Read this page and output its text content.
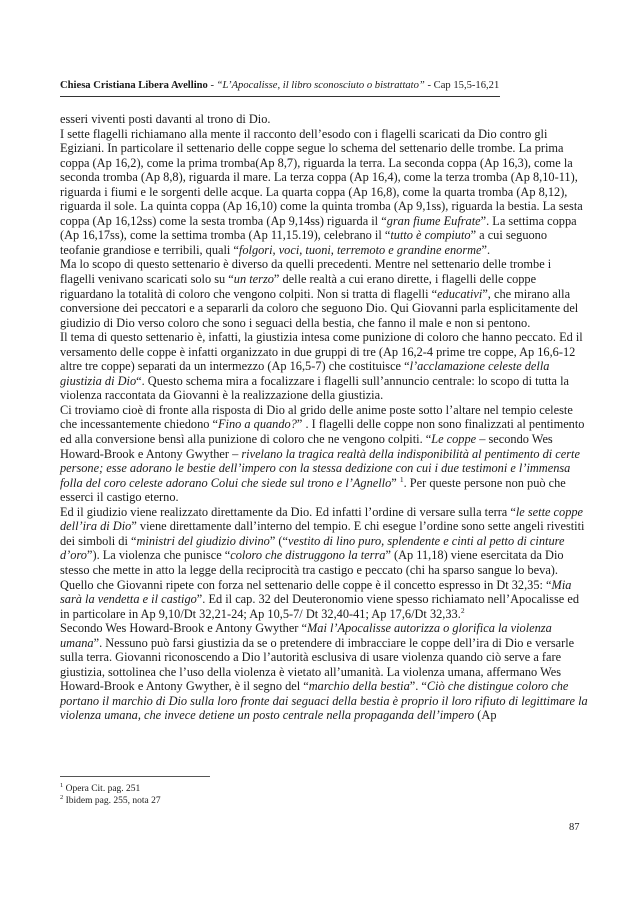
Chiesa Cristiana Libera Avellino - “L’Apocalisse, il libro sconosciuto o bistrattato” - Cap 15,5-16,21

esseri viventi posti davanti al trono di Dio.

I sette flagelli richiamano alla mente il racconto dell’esodo con i flagelli scaricati da Dio contro gli Egiziani. In particolare il settenario delle coppe segue lo schema del settenario delle trombe. La prima coppa (Ap 16,2), come la prima tromba(Ap 8,7), riguarda la terra. La seconda coppa (Ap 16,3), come la seconda tromba (Ap 8,8), riguarda il mare. La terza coppa (Ap 16,4), come la terza tromba (Ap 8,10-11), riguarda i fiumi e le sorgenti delle acque. La quarta coppa (Ap 16,8), come la quarta tromba (Ap 8,12), riguarda il sole. La quinta coppa (Ap 16,10) come la quinta tromba (Ap 9,1ss), riguarda la bestia. La sesta coppa (Ap 16,12ss) come la sesta tromba (Ap 9,14ss) riguarda il “gran fiume Eufrate”. La settima coppa (Ap 16,17ss), come la settima tromba (Ap 11,15.19), celebrano il “tutto è compiuto” a cui seguono teofanie grandiose e terribili, quali “folgori, voci, tuoni, terremoto e grandine enorme”.

Ma lo scopo di questo settenario è diverso da quelli precedenti. Mentre nel settenario delle trombe i flagelli venivano scaricati solo su “un terzo” delle realtà a cui erano dirette, i flagelli delle coppe riguardano la totalità di coloro che vengono colpiti. Non si tratta di flagelli “educativi”, che mirano alla conversione dei peccatori e a separarli da coloro che seguono Dio. Qui Giovanni parla esplicitamente del giudizio di Dio verso coloro che sono i seguaci della bestia, che fanno il male e non si pentono.

Il tema di questo settenario è, infatti, la giustizia intesa come punizione di coloro che hanno peccato. Ed il versamento delle coppe è infatti organizzato in due gruppi di tre (Ap 16,2-4 prime tre coppe, Ap 16,6-12 altre tre coppe) separati da un intermezzo (Ap 16,5-7) che costituisce “l’acclamazione celeste della giustizia di Dio“. Questo schema mira a focalizzare i flagelli sull’annuncio centrale: lo scopo di tutta la violenza raccontata da Giovanni è la realizzazione della giustizia.

Ci troviamo cioè di fronte alla risposta di Dio al grido delle anime poste sotto l’altare nel tempio celeste che incessantemente chiedono “Fino a quando?” . I flagelli delle coppe non sono finalizzati al pentimento ed alla conversione bensì alla punizione di coloro che ne vengono colpiti. “Le coppe – secondo Wes Howard-Brook e Antony Gwyther – rivelano la tragica realtà della indisponibilità al pentimento di certe persone; esse adorano le bestie dell’impero con la stessa dedizione con cui i due testimoni e l’immensa folla del coro celeste adorano Colui che siede sul trono e l’Agnello” $^1$. Per queste persone non può che esserci il castigo eterno.

Ed il giudizio viene realizzato direttamente da Dio. Ed infatti l’ordine di versare sulla terra “le sette coppe dell’ira di Dio” viene direttamente dall’interno del tempio. E chi esegue l’ordine sono sette angeli rivestiti dei simboli di “ministri del giudizio divino” (“vestito di lino puro, splendente e cinti al petto di cinture d’oro”). La violenza che punisce “coloro che distruggono la terra” (Ap 11,18) viene esercitata da Dio stesso che mette in atto la legge della reciprocità tra castigo e peccato (chi ha sparso sangue lo beva).

Quello che Giovanni ripete con forza nel settenario delle coppe è il concetto espresso in Dt 32,35: “Mia sarà la vendetta e il castigo”. Ed il cap. 32 del Deuteronomio viene spesso richiamato nell’Apocalisse ed in particolare in Ap 9,10/Dt 32,21-24; Ap 10,5-7/ Dt 32,40-41; Ap 17,6/Dt 32,33.$^2$

Secondo Wes Howard-Brook e Antony Gwyther “Mai l’Apocalisse autorizza o glorifica la violenza umana”. Nessuno può farsi giustizia da se o pretendere di imbracciare le coppe dell’ira di Dio e versarle sulla terra. Giovanni riconoscendo a Dio l’autorità esclusiva di usare violenza quando ciò serve a fare giustizia, sottolinea che l’uso della violenza è vietato all’umanità. La violenza umana, affermano Wes Howard-Brook e Antony Gwyther, è il segno del “marchio della bestia”. “Ciò che distingue coloro che portano il marchio di Dio sulla loro fronte dai seguaci della bestia è proprio il loro rifiuto di legittimare la violenza umana, che invece detiene un posto centrale nella propaganda dell’impero (Ap

$^1$ Opera Cit. pag. 251
$^2$ Ibidem pag. 255, nota 27
87
